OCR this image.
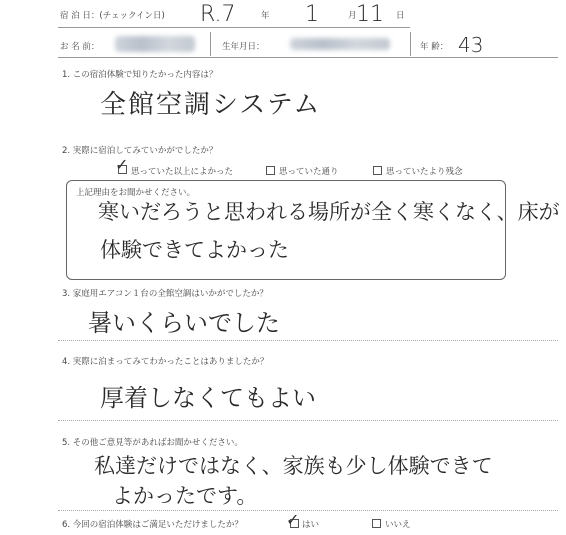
宿 泊 日：(チェックイン日) R.7	年 1	月 11 日
お 名 前：	生年月日：	年 齢： 43
1. この宿泊体験で知りたかった内容は？
全館空調システム
2. 実際に宿泊してみていかがでしたか？
✓ 思っていた以上によかった	思っていた通り	思っていたより残念
上記理由をお聞かせください。
寒いだろうと思われる場所が全く寒くなく、床が
体験できてよかった
3. 家庭用エアコン１台の全館空調はいかがでしたか？
暑いくらいでした
4. 実際に泊まってみてわかったことはありましたか？
厚着しなくてもよい
5. その他ご意見等があればお聞かせください。
私達だけではなく、家族も少し体験できて
よかったです。
6. 今回の宿泊体験はご満足いただけましたか？	✓ はい	いいえ
